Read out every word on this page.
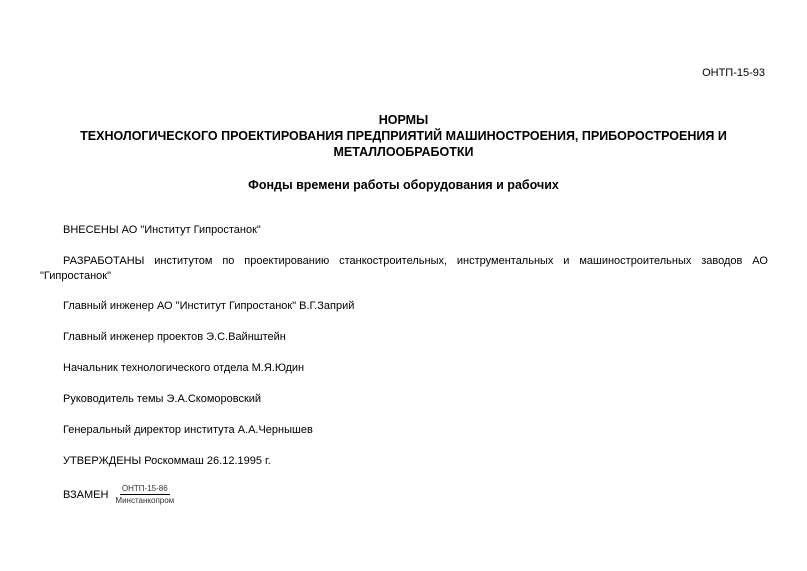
ОНТП-15-93
НОРМЫ
ТЕХНОЛОГИЧЕСКОГО ПРОЕКТИРОВАНИЯ ПРЕДПРИЯТИЙ МАШИНОСТРОЕНИЯ, ПРИБОРОСТРОЕНИЯ И
МЕТАЛЛООБРАБОТКИ
Фонды времени работы оборудования и рабочих
ВНЕСЕНЫ АО "Институт Гипростанок"
РАЗРАБОТАНЫ институтом по проектированию станкостроительных, инструментальных и машиностроительных заводов АО
"Гипростанок"
Главный инженер АО "Институт Гипростанок" В.Г.Заприй
Главный инженер проектов Э.С.Вайнштейн
Начальник технологического отдела М.Я.Юдин
Руководитель темы Э.А.Скоморовский
Генеральный директор института А.А.Чернышев
УТВЕРЖДЕНЫ Роскоммаш 26.12.1995 г.
ВЗАМЕН $\frac{\text{ОНТП-15-86}}{\text{Минстанкопром}}$
